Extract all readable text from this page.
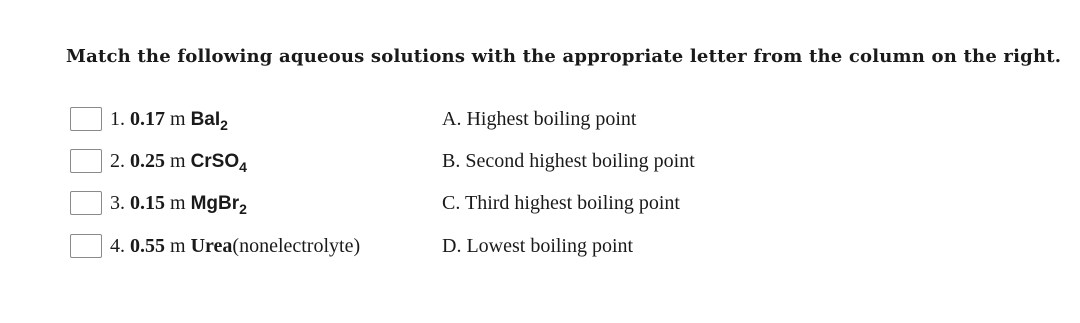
Match the following aqueous solutions with the appropriate letter from the column on the right.
1. 0.17 m BaI$_2$	A. Highest boiling point
2. 0.25 m CrSO$_4$	B. Second highest boiling point
3. 0.15 m MgBr$_2$	C. Third highest boiling point
4. 0.55 m Urea(nonelectrolyte)	D. Lowest boiling point
